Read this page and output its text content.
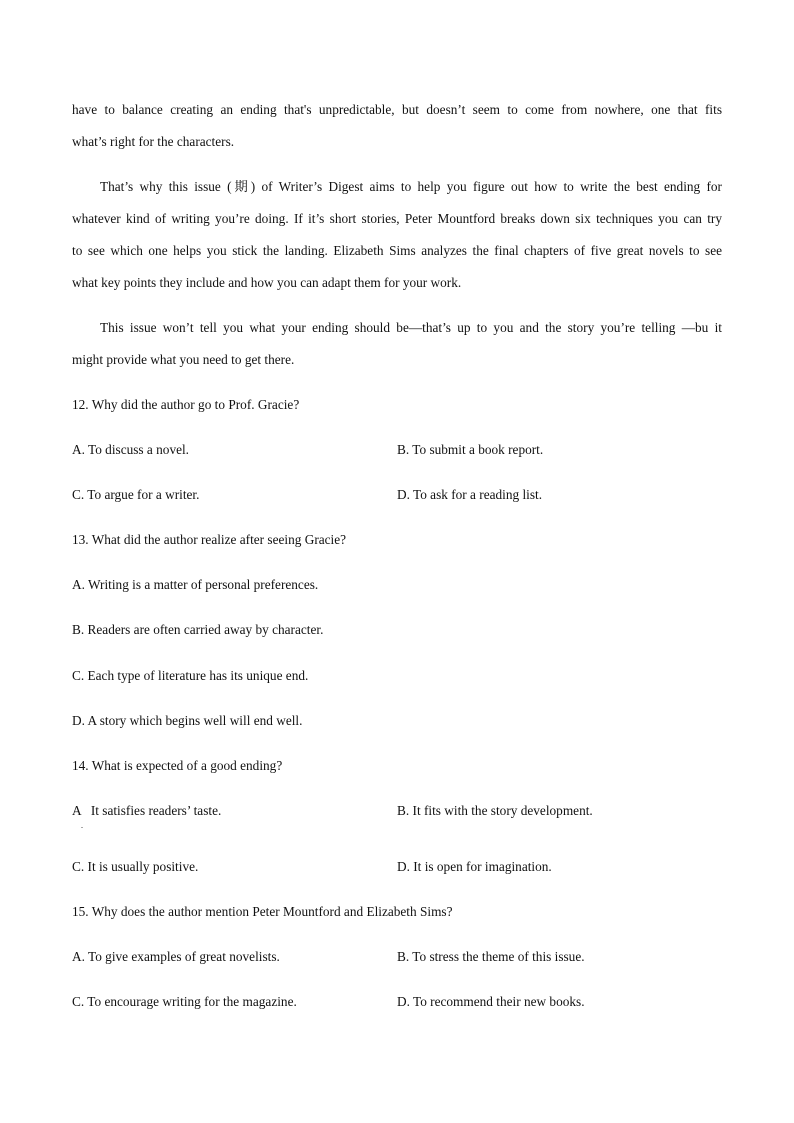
have to balance creating an ending that's unpredictable, but doesn’t seem to come from nowhere, one that fits
what’s right for the characters.
That’s why this issue (期) of Writer’s Digest aims to help you figure out how to write the best ending for
whatever kind of writing you’re doing. If it’s short stories, Peter Mountford breaks down six techniques you can try
to see which one helps you stick the landing. Elizabeth Sims analyzes the final chapters of five great novels to see
what key points they include and how you can adapt them for your work.
This issue won’t tell you what your ending should be—that’s up to you and the story you’re telling —bu it
might provide what you need to get there.
12. Why did the author go to Prof. Gracie?
A. To discuss a novel.	B. To submit a book report.
C. To argue for a writer.	D. To ask for a reading list.
13. What did the author realize after seeing Gracie?
A. Writing is a matter of personal preferences.
B. Readers are often carried away by character.
C. Each type of literature has its unique end.
D. A story which begins well will end well.
14. What is expected of a good ending?
A   It satisfies readers’ taste.	B. It fits with the story development.
.
C. It is usually positive.	D. It is open for imagination.
15. Why does the author mention Peter Mountford and Elizabeth Sims?
A. To give examples of great novelists.	B. To stress the theme of this issue.
C. To encourage writing for the magazine.	D. To recommend their new books.
